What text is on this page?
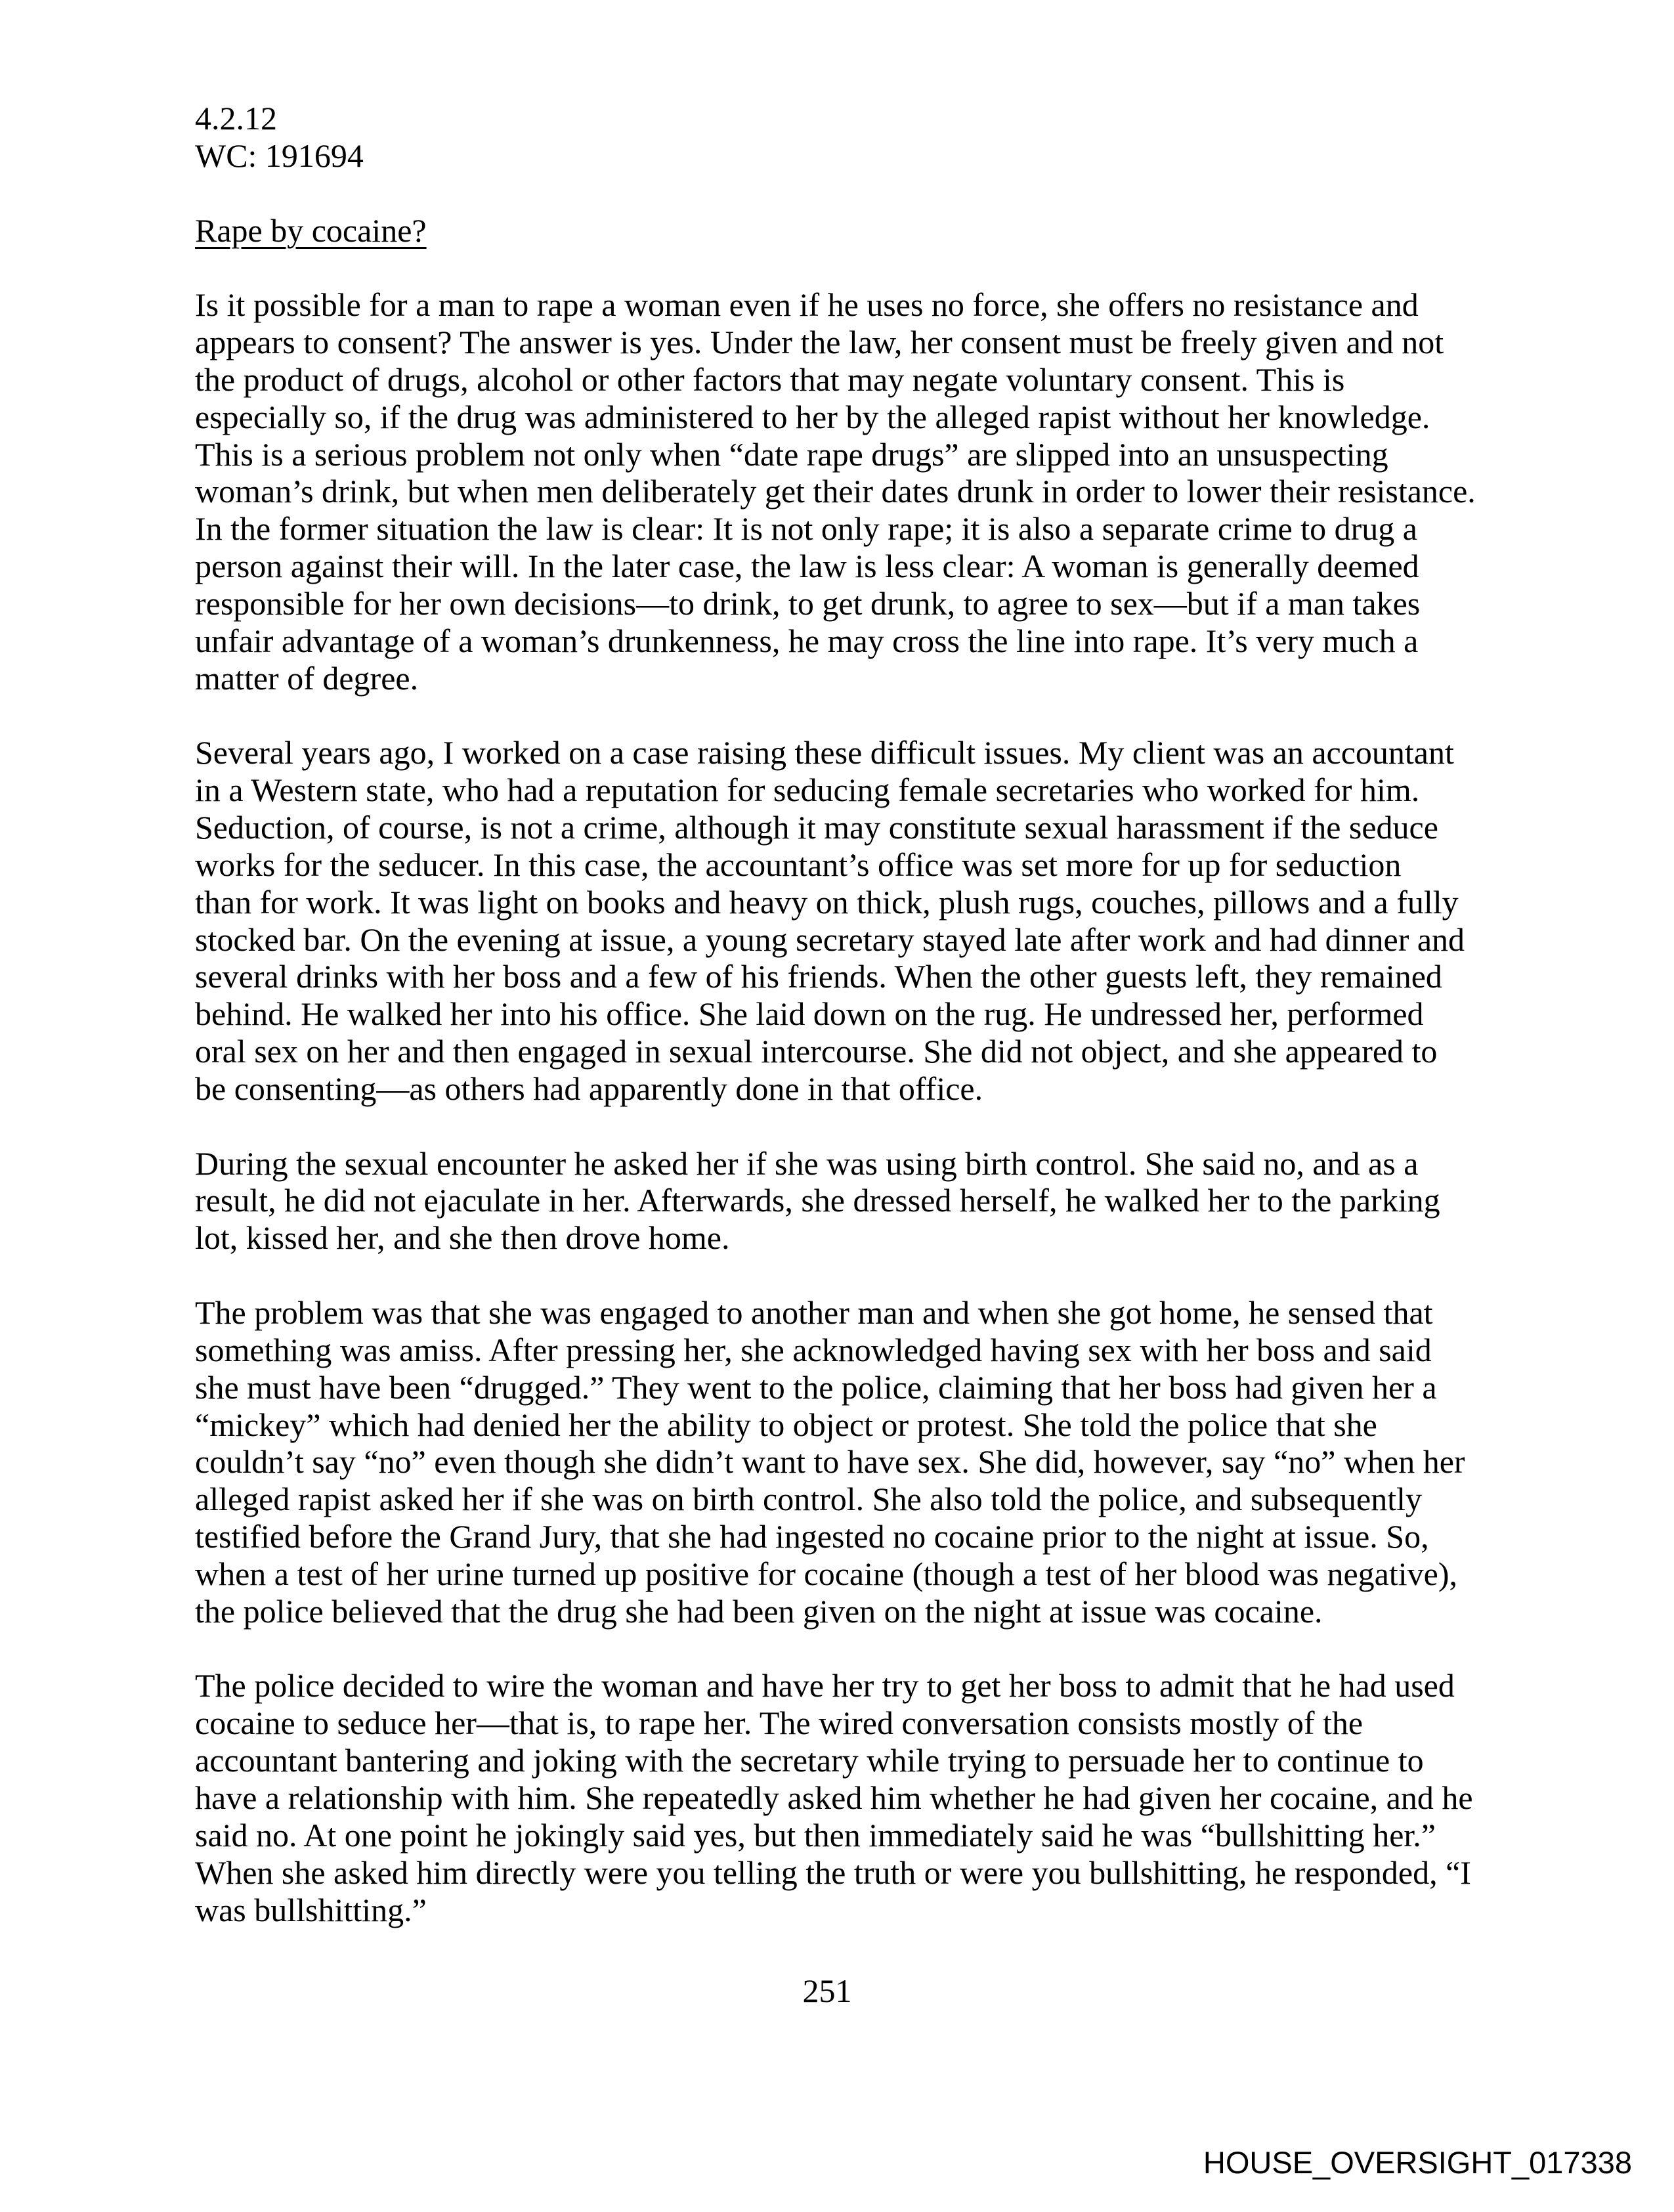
4.2.12
WC: 191694
Rape by cocaine?
Is it possible for a man to rape a woman even if he uses no force, she offers no resistance and
appears to consent? The answer is yes. Under the law, her consent must be freely given and not
the product of drugs, alcohol or other factors that may negate voluntary consent. This is
especially so, if the drug was administered to her by the alleged rapist without her knowledge.
This is a serious problem not only when “date rape drugs” are slipped into an unsuspecting
woman’s drink, but when men deliberately get their dates drunk in order to lower their resistance.
In the former situation the law is clear: It is not only rape; it is also a separate crime to drug a
person against their will. In the later case, the law is less clear: A woman is generally deemed
responsible for her own decisions—to drink, to get drunk, to agree to sex—but if a man takes
unfair advantage of a woman’s drunkenness, he may cross the line into rape. It’s very much a
matter of degree.
Several years ago, I worked on a case raising these difficult issues. My client was an accountant
in a Western state, who had a reputation for seducing female secretaries who worked for him.
Seduction, of course, is not a crime, although it may constitute sexual harassment if the seduce
works for the seducer. In this case, the accountant’s office was set more for up for seduction
than for work. It was light on books and heavy on thick, plush rugs, couches, pillows and a fully
stocked bar. On the evening at issue, a young secretary stayed late after work and had dinner and
several drinks with her boss and a few of his friends. When the other guests left, they remained
behind. He walked her into his office. She laid down on the rug. He undressed her, performed
oral sex on her and then engaged in sexual intercourse. She did not object, and she appeared to
be consenting—as others had apparently done in that office.
During the sexual encounter he asked her if she was using birth control. She said no, and as a
result, he did not ejaculate in her. Afterwards, she dressed herself, he walked her to the parking
lot, kissed her, and she then drove home.
The problem was that she was engaged to another man and when she got home, he sensed that
something was amiss. After pressing her, she acknowledged having sex with her boss and said
she must have been “drugged.” They went to the police, claiming that her boss had given her a
“mickey” which had denied her the ability to object or protest. She told the police that she
couldn’t say “no” even though she didn’t want to have sex. She did, however, say “no” when her
alleged rapist asked her if she was on birth control. She also told the police, and subsequently
testified before the Grand Jury, that she had ingested no cocaine prior to the night at issue. So,
when a test of her urine turned up positive for cocaine (though a test of her blood was negative),
the police believed that the drug she had been given on the night at issue was cocaine.
The police decided to wire the woman and have her try to get her boss to admit that he had used
cocaine to seduce her—that is, to rape her. The wired conversation consists mostly of the
accountant bantering and joking with the secretary while trying to persuade her to continue to
have a relationship with him. She repeatedly asked him whether he had given her cocaine, and he
said no. At one point he jokingly said yes, but then immediately said he was “bullshitting her.”
When she asked him directly were you telling the truth or were you bullshitting, he responded, “I
was bullshitting.”
251
HOUSE_OVERSIGHT_017338
